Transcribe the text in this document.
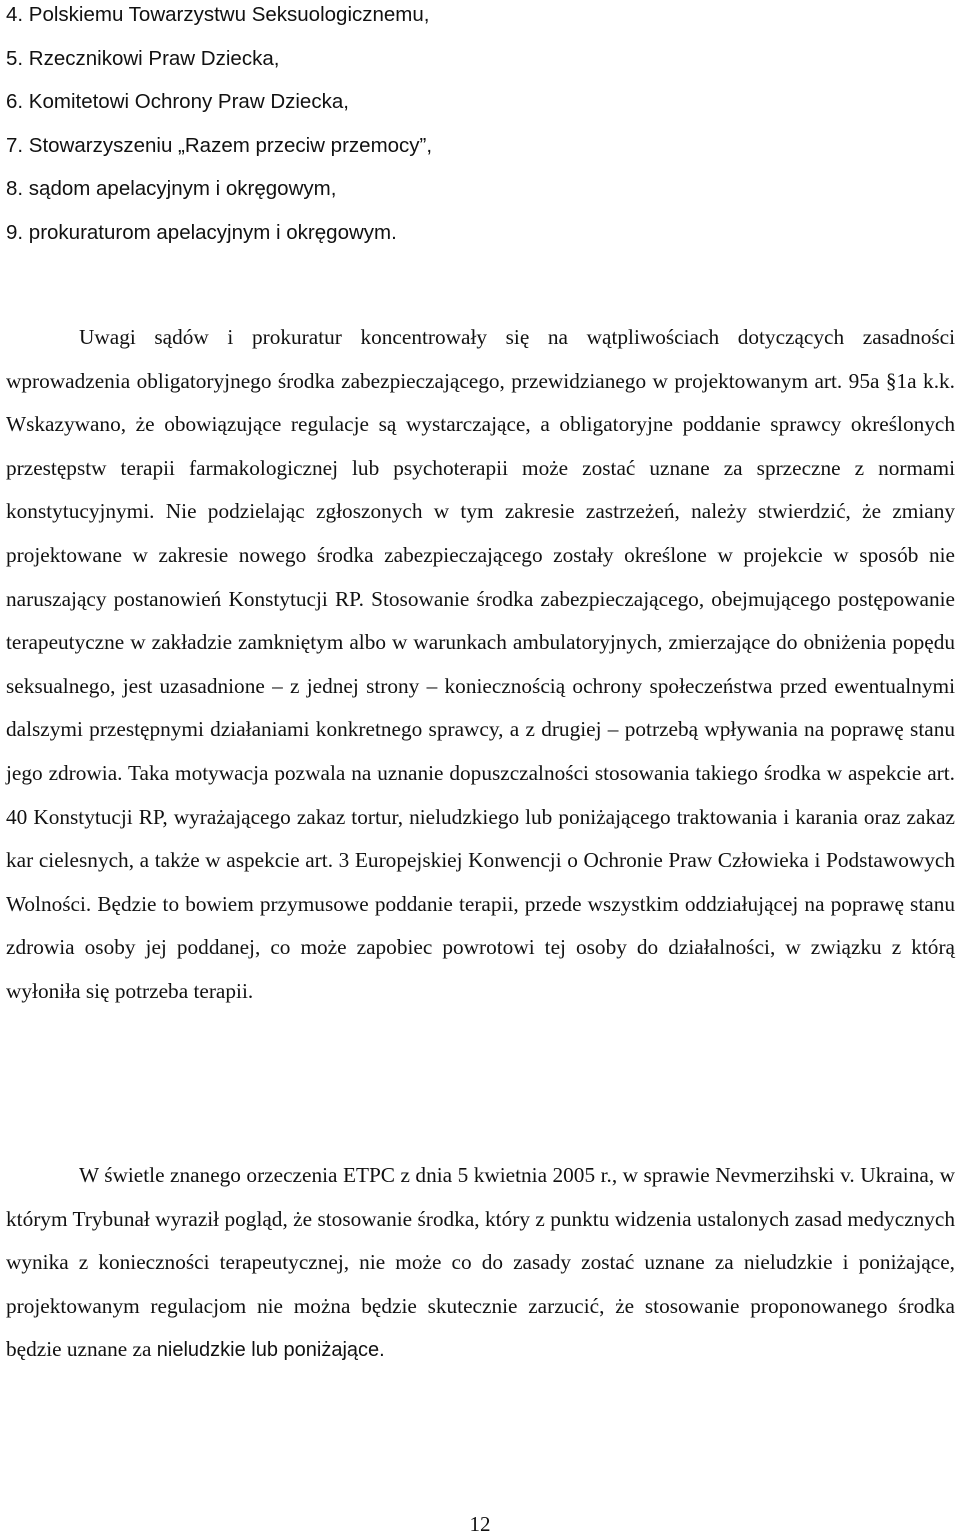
4. Polskiemu Towarzystwu Seksuologicznemu,
5. Rzecznikowi Praw Dziecka,
6. Komitetowi Ochrony Praw Dziecka,
7. Stowarzyszeniu „Razem przeciw przemocy”,
8. sądom apelacyjnym i okręgowym,
9. prokuraturom apelacyjnym i okręgowym.

Uwagi sądów i prokuratur koncentrowały się na wątpliwościach dotyczących zasadności wprowadzenia obligatoryjnego środka zabezpieczającego, przewidzianego w projektowanym art. 95a §1a k.k. Wskazywano, że obowiązujące regulacje są wystarczające, a obligatoryjne poddanie sprawcy określonych przestępstw terapii farmakologicznej lub psychoterapii może zostać uznane za sprzeczne z normami konstytucyjnymi. Nie podzielając zgłoszonych w tym zakresie zastrzeżeń, należy stwierdzić, że zmiany projektowane w zakresie nowego środka zabezpieczającego zostały określone w projekcie w sposób nie naruszający postanowień Konstytucji RP. Stosowanie środka zabezpieczającego, obejmującego postępowanie terapeutyczne w zakładzie zamkniętym albo w warunkach ambulatoryjnych, zmierzające do obniżenia popędu seksualnego, jest uzasadnione – z jednej strony – koniecznością ochrony społeczeństwa przed ewentualnymi dalszymi przestępnymi działaniami konkretnego sprawcy, a z drugiej – potrzebą wpływania na poprawę stanu jego zdrowia. Taka motywacja pozwala na uznanie dopuszczalności stosowania takiego środka w aspekcie art. 40 Konstytucji RP, wyrażającego zakaz tortur, nieludzkiego lub poniżającego traktowania i karania oraz zakaz kar cielesnych, a także w aspekcie art. 3 Europejskiej Konwencji o Ochronie Praw Człowieka i Podstawowych Wolności. Będzie to bowiem przymusowe poddanie terapii, przede wszystkim oddziałującej na poprawę stanu zdrowia osoby jej poddanej, co może zapobiec powrotowi tej osoby do działalności, w związku z którą wyłoniła się potrzeba terapii.

W świetle znanego orzeczenia ETPC z dnia 5 kwietnia 2005 r., w sprawie Nevmerzihski v. Ukraina, w którym Trybunał wyraził pogląd, że stosowanie środka, który z punktu widzenia ustalonych zasad medycznych wynika z konieczności terapeutycznej, nie może co do zasady zostać uznane za nieludzkie i poniżające, projektowanym regulacjom nie można będzie skutecznie zarzucić, że stosowanie proponowanego środka będzie uznane za nieludzkie lub poniżające.

12
